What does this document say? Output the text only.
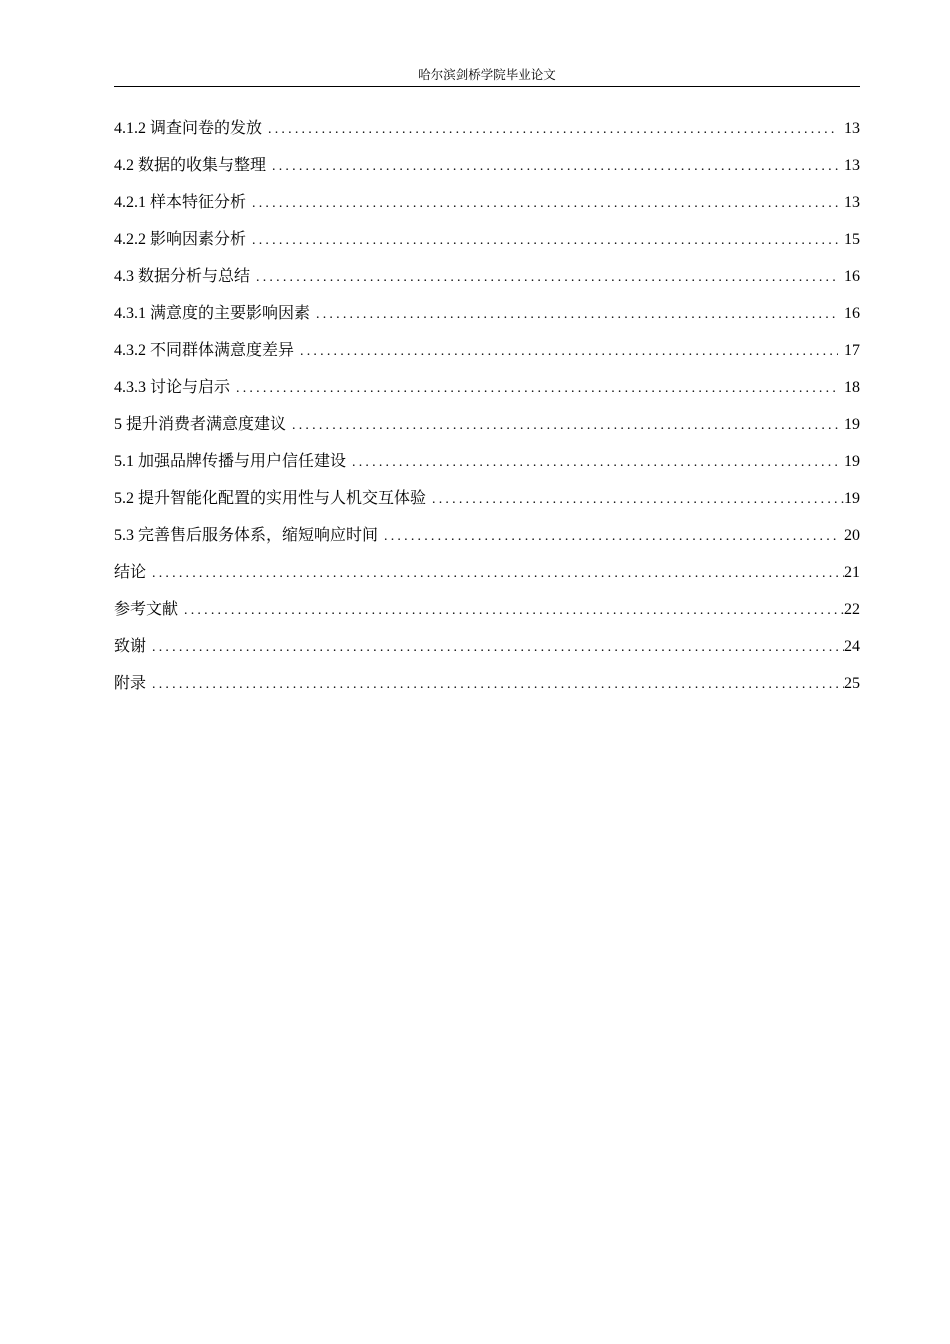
哈尔滨剑桥学院毕业论文
4.1.2 调查问卷的发放 .....	13
4.2 数据的收集与整理 .....	13
4.2.1 样本特征分析 .....	13
4.2.2 影响因素分析 .....	15
4.3 数据分析与总结 .....	16
4.3.1 满意度的主要影响因素 .....	16
4.3.2 不同群体满意度差异 .....	17
4.3.3 讨论与启示 .....	18
5 提升消费者满意度建议 .....	19
5.1 加强品牌传播与用户信任建设 .....	19
5.2 提升智能化配置的实用性与人机交互体验 .....	19
5.3 完善售后服务体系，缩短响应时间 .....	20
结论 .....	21
参考文献 .....	22
致谢 .....	24
附录 .....	25
